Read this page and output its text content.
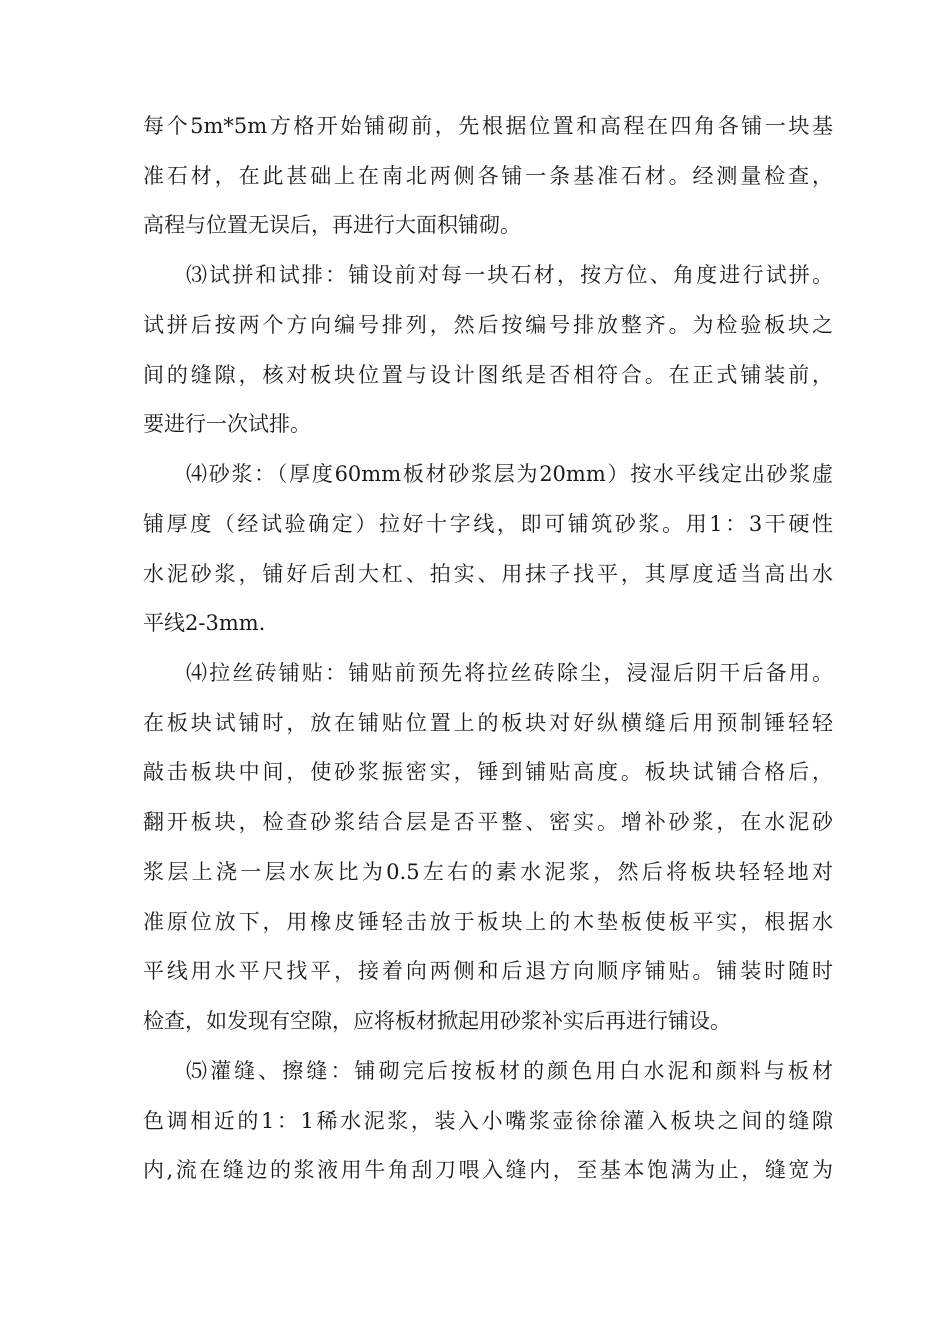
每个5m*5m方格开始铺砌前，先根据位置和高程在四角各铺一块基
准石材，在此甚础上在南北两侧各铺一条基准石材。经测量检查，
高程与位置无误后，再进行大面积铺砌。
⑶试拼和试排：铺设前对每一块石材，按方位、角度进行试拼。
试拼后按两个方向编号排列，然后按编号排放整齐。为检验板块之
间的缝隙，核对板块位置与设计图纸是否相符合。在正式铺装前，
要进行一次试排。
⑷砂浆：（厚度60mm板材砂浆层为20mm）按水平线定出砂浆虚
铺厚度（经试验确定）拉好十字线，即可铺筑砂浆。用1：3干硬性
水泥砂浆，铺好后刮大杠、拍实、用抹子找平，其厚度适当高出水
平线2-3mm.
⑷拉丝砖铺贴：铺贴前预先将拉丝砖除尘，浸湿后阴干后备用。
在板块试铺时，放在铺贴位置上的板块对好纵横缝后用预制锤轻轻
敲击板块中间，使砂浆振密实，锤到铺贴高度。板块试铺合格后，
翻开板块，检查砂浆结合层是否平整、密实。增补砂浆，在水泥砂
浆层上浇一层水灰比为0.5左右的素水泥浆，然后将板块轻轻地对
准原位放下，用橡皮锤轻击放于板块上的木垫板使板平实，根据水
平线用水平尺找平，接着向两侧和后退方向顺序铺贴。铺装时随时
检查，如发现有空隙，应将板材掀起用砂浆补实后再进行铺设。
⑸灌缝、擦缝：铺砌完后按板材的颜色用白水泥和颜料与板材
色调相近的1：1稀水泥浆，装入小嘴浆壶徐徐灌入板块之间的缝隙
内,流在缝边的浆液用牛角刮刀喂入缝内，至基本饱满为止，缝宽为
